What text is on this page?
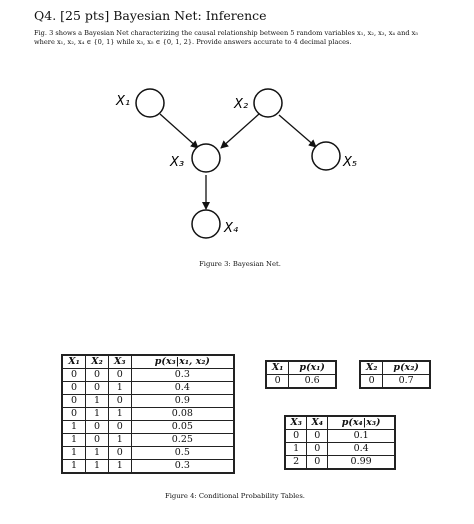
Q4. [25 pts] Bayesian Net: Inference
Fig. 3 shows a Bayesian Net characterizing the causal relationship between 5 random variables x₁, x₂, x₃, x₄ and x₅
where x₁, x₂, x₄ ∈ {0, 1} while x₃, x₅ ∈ {0, 1, 2}. Provide answers accurate to 4 decimal places.
X₁	X₂
X₃
X₄
X₅
Figure 3: Bayesian Net.
X₁	X₂	X₃	p(x₃|x₁, x₂)
0	0	0	0.3
0	0	1	0.4
0	1	0	0.9
0	1	1	0.08
1	0	0	0.05
1	0	1	0.25
1	1	0	0.5
1	1	1	0.3
X₁	p(x₁)
0	0.6
X₂	p(x₂)
0	0.7
X₃	X₄	p(x₄|x₃)
0	0	0.1
1	0	0.4
2	0	0.99
Figure 4: Conditional Probability Tables.
